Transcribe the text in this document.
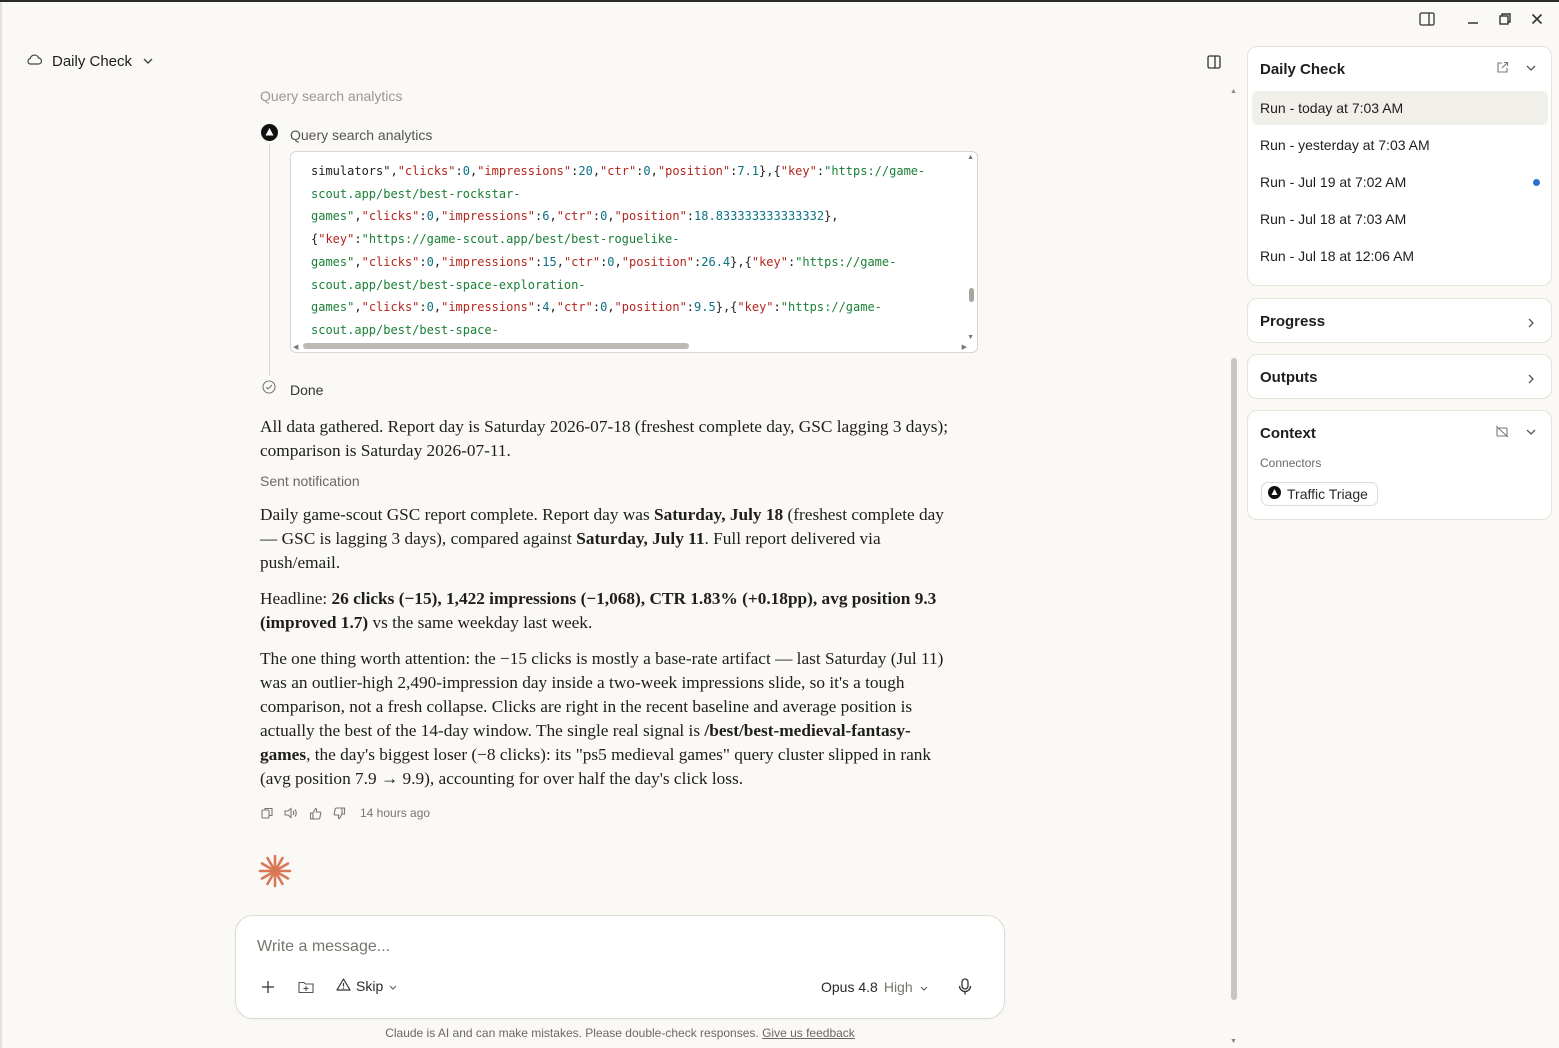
Daily Check
Query search analytics
Query search analytics
simulators","clicks":0,"impressions":20,"ctr":0,"position":7.1},{"key":"https://game-
scout.app/best/best-rockstar-
games","clicks":0,"impressions":6,"ctr":0,"position":18.833333333333332},
{"key":"https://game-scout.app/best/best-roguelike-
games","clicks":0,"impressions":15,"ctr":0,"position":26.4},{"key":"https://game-
scout.app/best/best-space-exploration-
games","clicks":0,"impressions":4,"ctr":0,"position":9.5},{"key":"https://game-
scout.app/best/best-space-
▲
▼
◀	▶
Done

All data gathered. Report day is Saturday 2026-07-18 (freshest complete day, GSC lagging 3 days); comparison is Saturday 2026-07-11.

Sent notification

Daily game-scout GSC report complete. Report day was Saturday, July 18 (freshest complete day — GSC is lagging 3 days), compared against Saturday, July 11. Full report delivered via push/email.

Headline: 26 clicks (−15), 1,422 impressions (−1,068), CTR 1.83% (+0.18pp), avg position 9.3 (improved 1.7) vs the same weekday last week.

The one thing worth attention: the −15 clicks is mostly a base-rate artifact — last Saturday (Jul 11) was an outlier-high 2,490-impression day inside a two-week impressions slide, so it's a tough comparison, not a fresh collapse. Clicks are right in the recent baseline and average position is actually the best of the 14-day window. The single real signal is /best/best-medieval-fantasy-games, the day's biggest loser (−8 clicks): its "ps5 medieval games" query cluster slipped in rank (avg position 7.9 → 9.9), accounting for over half the day's click loss.

14 hours ago
Write a message...
Skip	Opus 4.8 High
Claude is AI and can make mistakes. Please double-check responses. Give us feedback
▲
▼
Daily Check
Run - today at 7:03 AM
Run - yesterday at 7:03 AM
Run - Jul 19 at 7:02 AM
Run - Jul 18 at 7:03 AM
Run - Jul 18 at 12:06 AM
Progress
Outputs
Context
Connectors
Traffic Triage
